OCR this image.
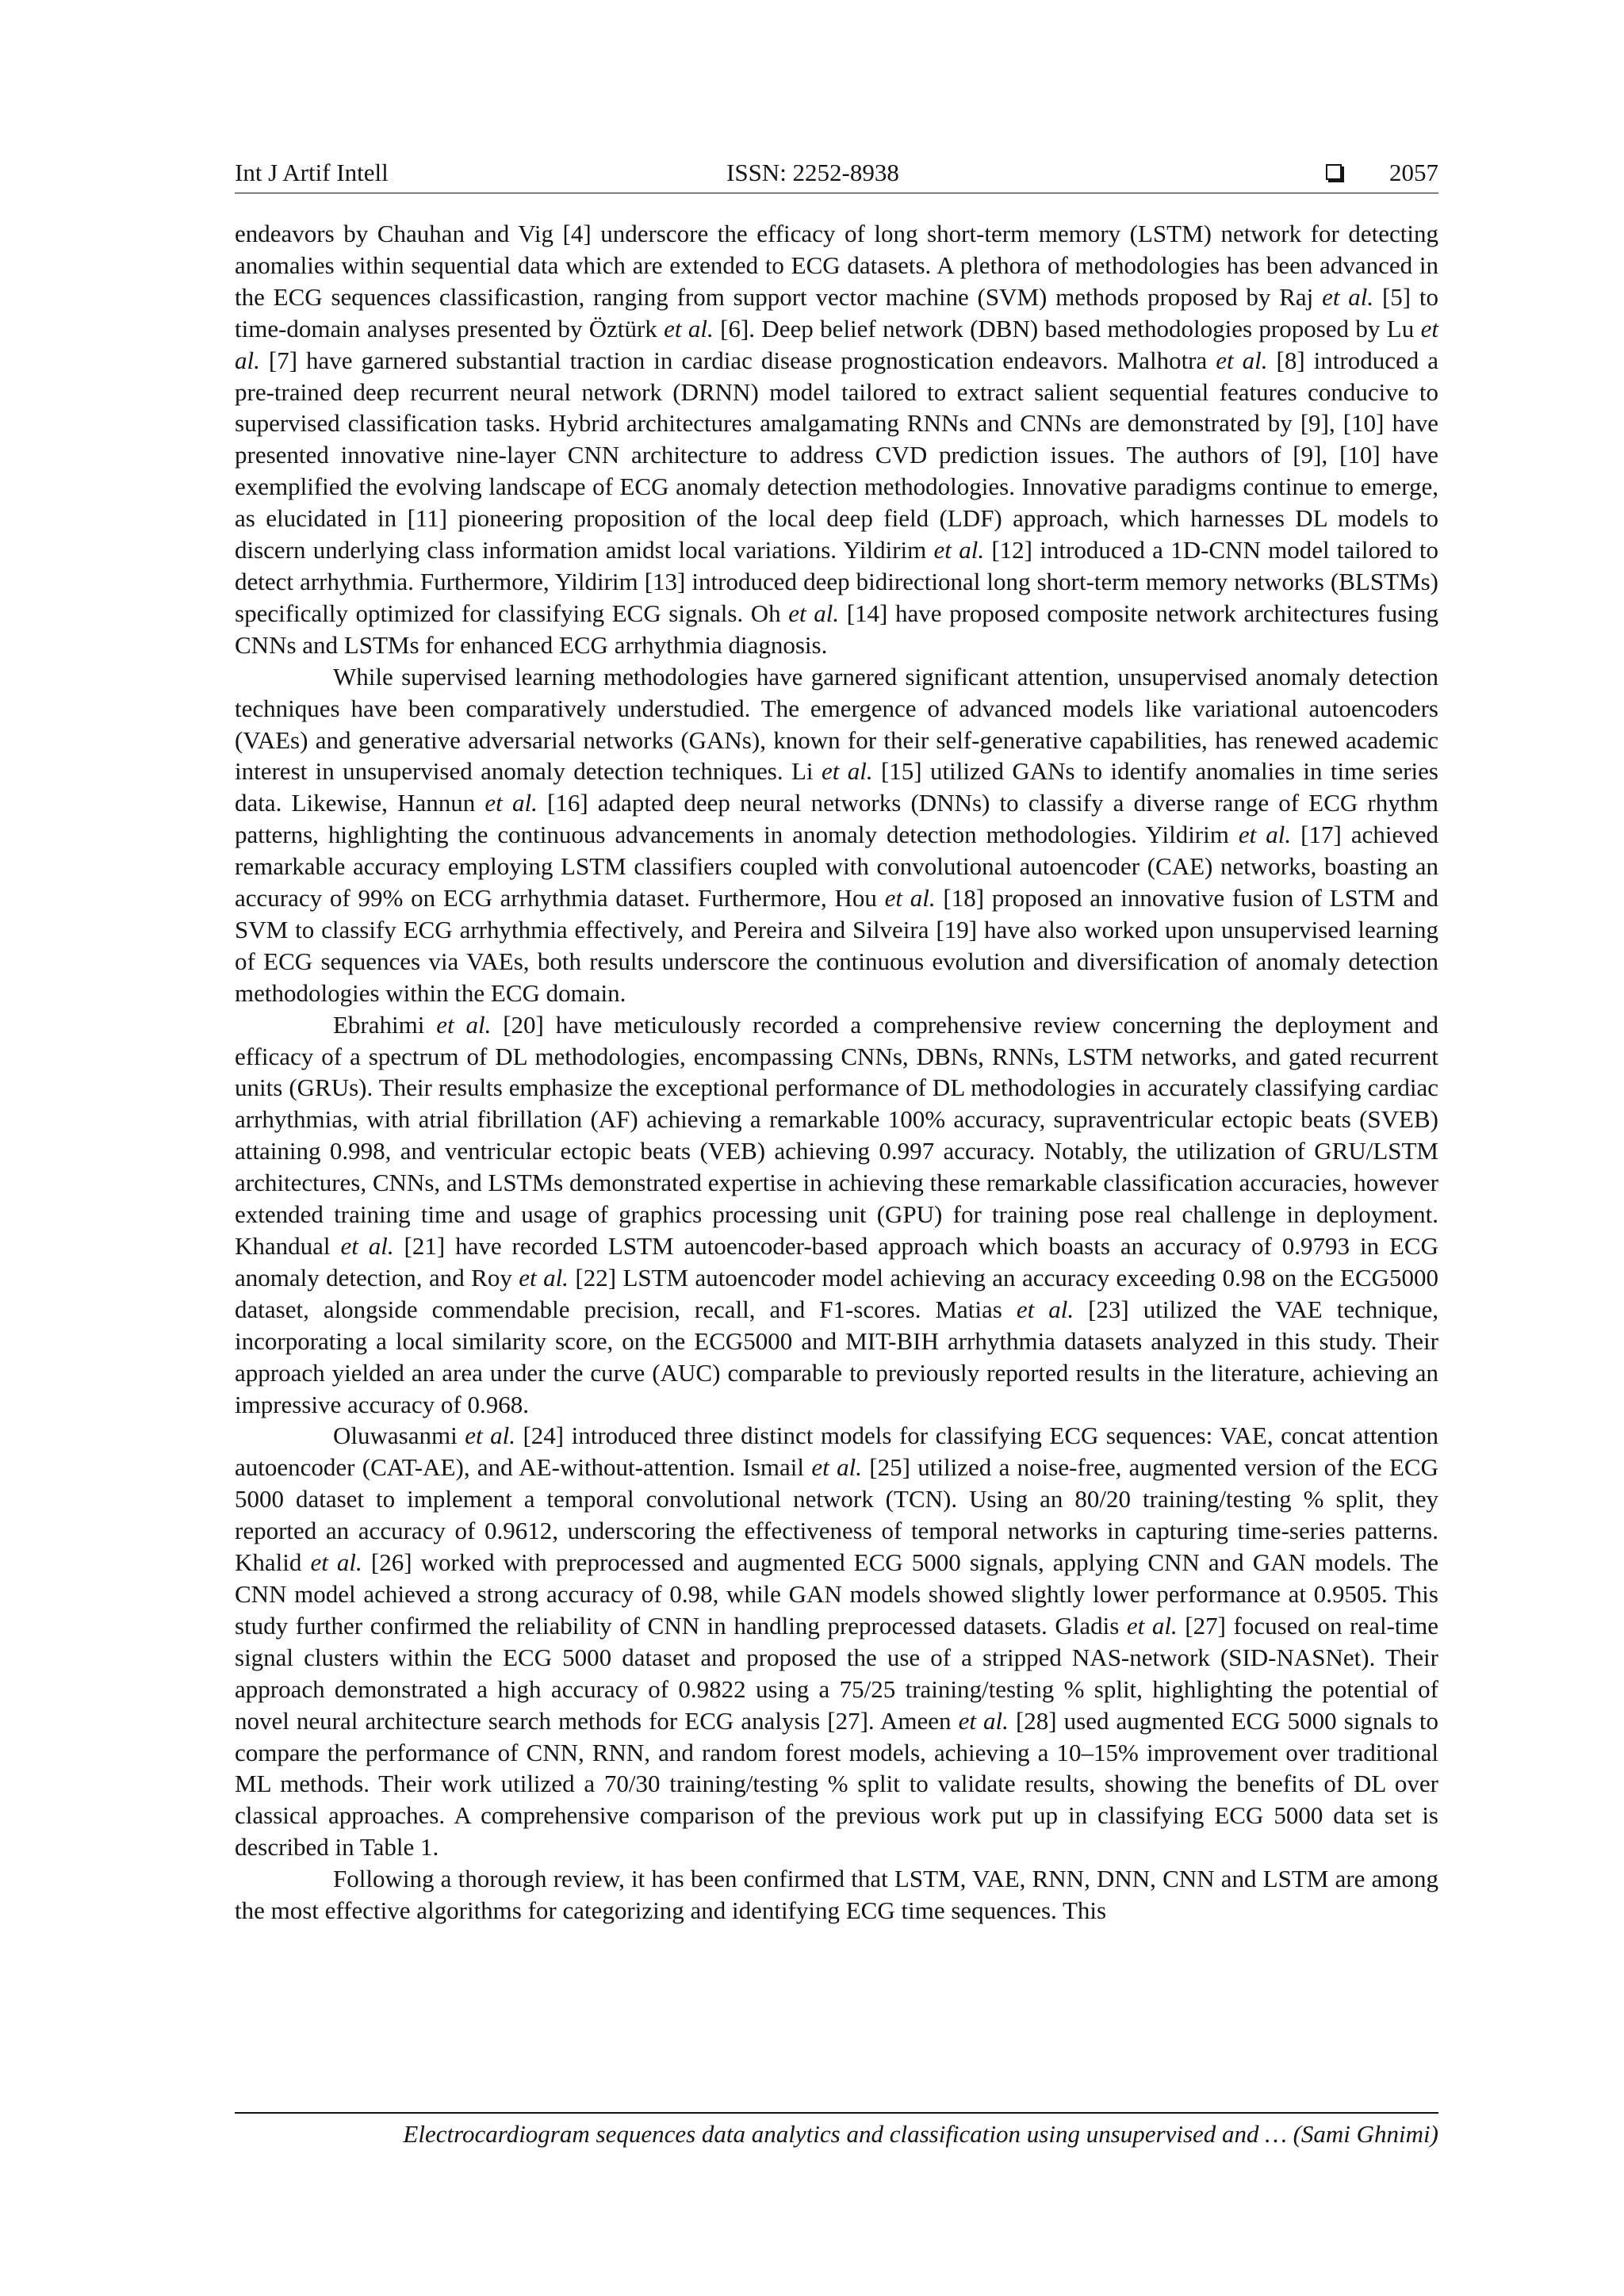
Int J Artif Intell	ISSN: 2252-8938	2057

endeavors by Chauhan and Vig [4] underscore the efficacy of long short-term memory (LSTM) network for detecting anomalies within sequential data which are extended to ECG datasets. A plethora of methodologies has been advanced in the ECG sequences classificastion, ranging from support vector machine (SVM) methods proposed by Raj et al. [5] to time-domain analyses presented by Öztürk et al. [6]. Deep belief network (DBN) based methodologies proposed by Lu et al. [7] have garnered substantial traction in cardiac disease prognostication endeavors. Malhotra et al. [8] introduced a pre-trained deep recurrent neural network (DRNN) model tailored to extract salient sequential features conducive to supervised classification tasks. Hybrid architectures amalgamating RNNs and CNNs are demonstrated by [9], [10] have presented innovative nine-layer CNN architecture to address CVD prediction issues. The authors of [9], [10] have exemplified the evolving landscape of ECG anomaly detection methodologies. Innovative paradigms continue to emerge, as elucidated in [11] pioneering proposition of the local deep field (LDF) approach, which harnesses DL models to discern underlying class information amidst local variations. Yildirim et al. [12] introduced a 1D-CNN model tailored to detect arrhythmia. Furthermore, Yildirim [13] introduced deep bidirectional long short-term memory networks (BLSTMs) specifically optimized for classifying ECG signals. Oh et al. [14] have proposed composite network architectures fusing CNNs and LSTMs for enhanced ECG arrhythmia diagnosis.

While supervised learning methodologies have garnered significant attention, unsupervised anomaly detection techniques have been comparatively understudied. The emergence of advanced models like variational autoencoders (VAEs) and generative adversarial networks (GANs), known for their self-generative capabilities, has renewed academic interest in unsupervised anomaly detection techniques. Li et al. [15] utilized GANs to identify anomalies in time series data. Likewise, Hannun et al. [16] adapted deep neural networks (DNNs) to classify a diverse range of ECG rhythm patterns, highlighting the continuous advancements in anomaly detection methodologies. Yildirim et al. [17] achieved remarkable accuracy employing LSTM classifiers coupled with convolutional autoencoder (CAE) networks, boasting an accuracy of 99% on ECG arrhythmia dataset. Furthermore, Hou et al. [18] proposed an innovative fusion of LSTM and SVM to classify ECG arrhythmia effectively, and Pereira and Silveira [19] have also worked upon unsupervised learning of ECG sequences via VAEs, both results underscore the continuous evolution and diversification of anomaly detection methodologies within the ECG domain.

Ebrahimi et al. [20] have meticulously recorded a comprehensive review concerning the deployment and efficacy of a spectrum of DL methodologies, encompassing CNNs, DBNs, RNNs, LSTM networks, and gated recurrent units (GRUs). Their results emphasize the exceptional performance of DL methodologies in accurately classifying cardiac arrhythmias, with atrial fibrillation (AF) achieving a remarkable 100% accuracy, supraventricular ectopic beats (SVEB) attaining 0.998, and ventricular ectopic beats (VEB) achieving 0.997 accuracy. Notably, the utilization of GRU/LSTM architectures, CNNs, and LSTMs demonstrated expertise in achieving these remarkable classification accuracies, however extended training time and usage of graphics processing unit (GPU) for training pose real challenge in deployment. Khandual et al. [21] have recorded LSTM autoencoder-based approach which boasts an accuracy of 0.9793 in ECG anomaly detection, and Roy et al. [22] LSTM autoencoder model achieving an accuracy exceeding 0.98 on the ECG5000 dataset, alongside commendable precision, recall, and F1-scores. Matias et al. [23] utilized the VAE technique, incorporating a local similarity score, on the ECG5000 and MIT-BIH arrhythmia datasets analyzed in this study. Their approach yielded an area under the curve (AUC) comparable to previously reported results in the literature, achieving an impressive accuracy of 0.968.

Oluwasanmi et al. [24] introduced three distinct models for classifying ECG sequences: VAE, concat attention autoencoder (CAT-AE), and AE-without-attention. Ismail et al. [25] utilized a noise-free, augmented version of the ECG 5000 dataset to implement a temporal convolutional network (TCN). Using an 80/20 training/testing % split, they reported an accuracy of 0.9612, underscoring the effectiveness of temporal networks in capturing time-series patterns. Khalid et al. [26] worked with preprocessed and augmented ECG 5000 signals, applying CNN and GAN models. The CNN model achieved a strong accuracy of 0.98, while GAN models showed slightly lower performance at 0.9505. This study further confirmed the reliability of CNN in handling preprocessed datasets. Gladis et al. [27] focused on real-time signal clusters within the ECG 5000 dataset and proposed the use of a stripped NAS-network (SID-NASNet). Their approach demonstrated a high accuracy of 0.9822 using a 75/25 training/testing % split, highlighting the potential of novel neural architecture search methods for ECG analysis [27]. Ameen et al. [28] used augmented ECG 5000 signals to compare the performance of CNN, RNN, and random forest models, achieving a 10–15% improvement over traditional ML methods. Their work utilized a 70/30 training/testing % split to validate results, showing the benefits of DL over classical approaches. A comprehensive comparison of the previous work put up in classifying ECG 5000 data set is described in Table 1.

Following a thorough review, it has been confirmed that LSTM, VAE, RNN, DNN, CNN and LSTM are among the most effective algorithms for categorizing and identifying ECG time sequences. This

Electrocardiogram sequences data analytics and classification using unsupervised and … (Sami Ghnimi)
